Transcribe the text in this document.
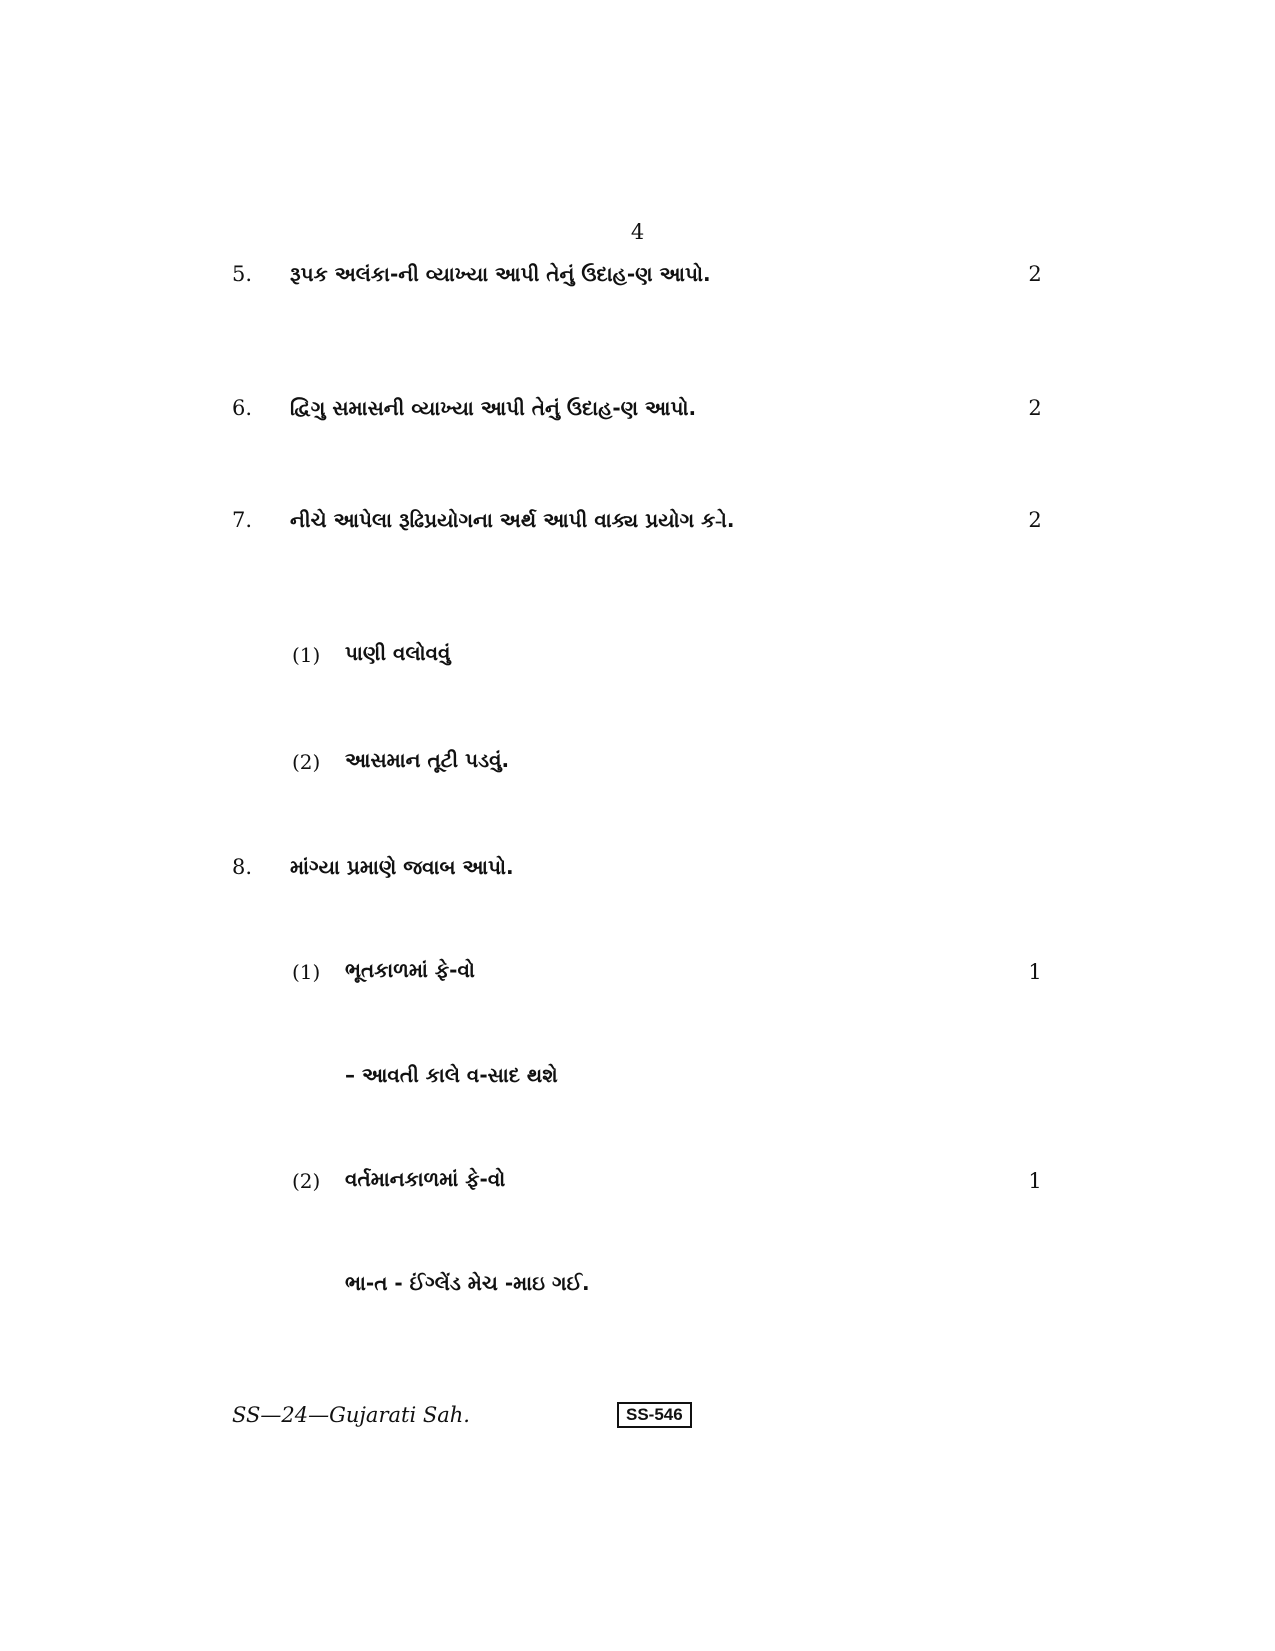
4
5. રૂપક અલંકા-ની વ્યાખ્યા આપી તેનું ઉદાહ-ણ આપો.	2
6. દ્વિગુ સમાસની વ્યાખ્યા આપી તેનું ઉદાહ-ણ આપો.	2
7. નીચે આપેલા રૂઢિપ્રયોગના અર્થ આપી વાક્ય પ્રયોગ ક-ો.	2
(1) પાણી વલોવવું
(2) આસમાન તૂટી પડવું.
8. માંગ્યા પ્રમાણે જવાબ આપો.
(1) ભૂતકાળમાં ફે-વો	1
– આવતી કાલે વ-સાદ થશે
(2) વર્તમાનકાળમાં ફે-વો	1
ભા-ત - ઈંગ્લેંડ મેચ -માઇ ગઈ.
SS—24—Gujarati Sah.	SS-546
